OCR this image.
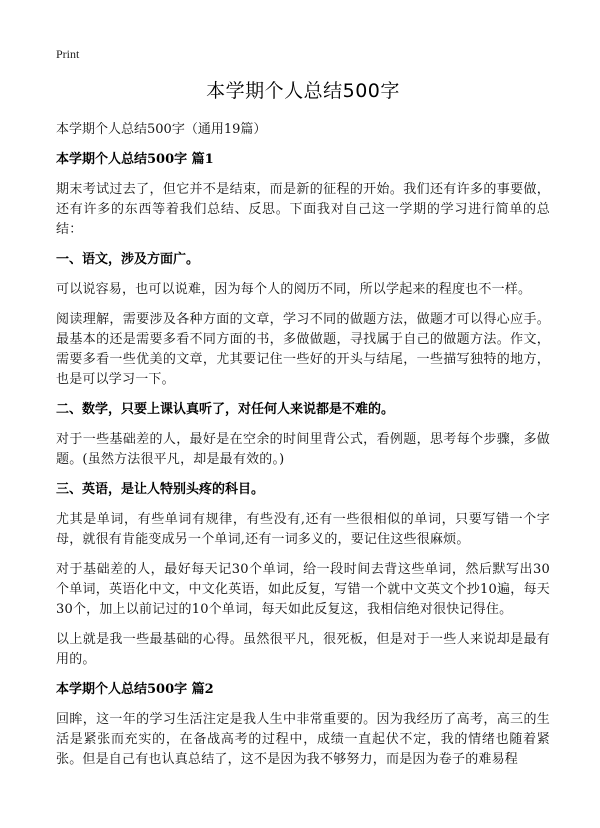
Print
本学期个人总结500字

本学期个人总结500字（通用19篇）

本学期个人总结500字 篇1

期末考试过去了，但它并不是结束，而是新的征程的开始。我们还有许多的事要做，还有许多的东西等着我们总结、反思。下面我对自己这一学期的学习进行简单的总结：

一、语文，涉及方面广。

可以说容易，也可以说难，因为每个人的阅历不同，所以学起来的程度也不一样。

阅读理解，需要涉及各种方面的文章，学习不同的做题方法，做题才可以得心应手。最基本的还是需要多看不同方面的书，多做做题，寻找属于自己的做题方法。作文，需要多看一些优美的文章，尤其要记住一些好的开头与结尾，一些描写独特的地方，也是可以学习一下。

二、数学，只要上课认真听了，对任何人来说都是不难的。

对于一些基础差的人，最好是在空余的时间里背公式，看例题，思考每个步骤，多做题。(虽然方法很平凡，却是最有效的。)

三、英语，是让人特别头疼的科目。

尤其是单词，有些单词有规律，有些没有,还有一些很相似的单词，只要写错一个字母，就很有肯能变成另一个单词,还有一词多义的，要记住这些很麻烦。

对于基础差的人，最好每天记30个单词，给一段时间去背这些单词，然后默写出30个单词，英语化中文，中文化英语，如此反复，写错一个就中文英文个抄10遍，每天30个，加上以前记过的10个单词，每天如此反复这，我相信绝对很快记得住。

以上就是我一些最基础的心得。虽然很平凡，很死板，但是对于一些人来说却是最有用的。

本学期个人总结500字 篇2

回眸，这一年的学习生活注定是我人生中非常重要的。因为我经历了高考，高三的生活是紧张而充实的，在备战高考的过程中，成绩一直起伏不定，我的情绪也随着紧张。但是自己有也认真总结了，这不是因为我不够努力，而是因为卷子的难易程
